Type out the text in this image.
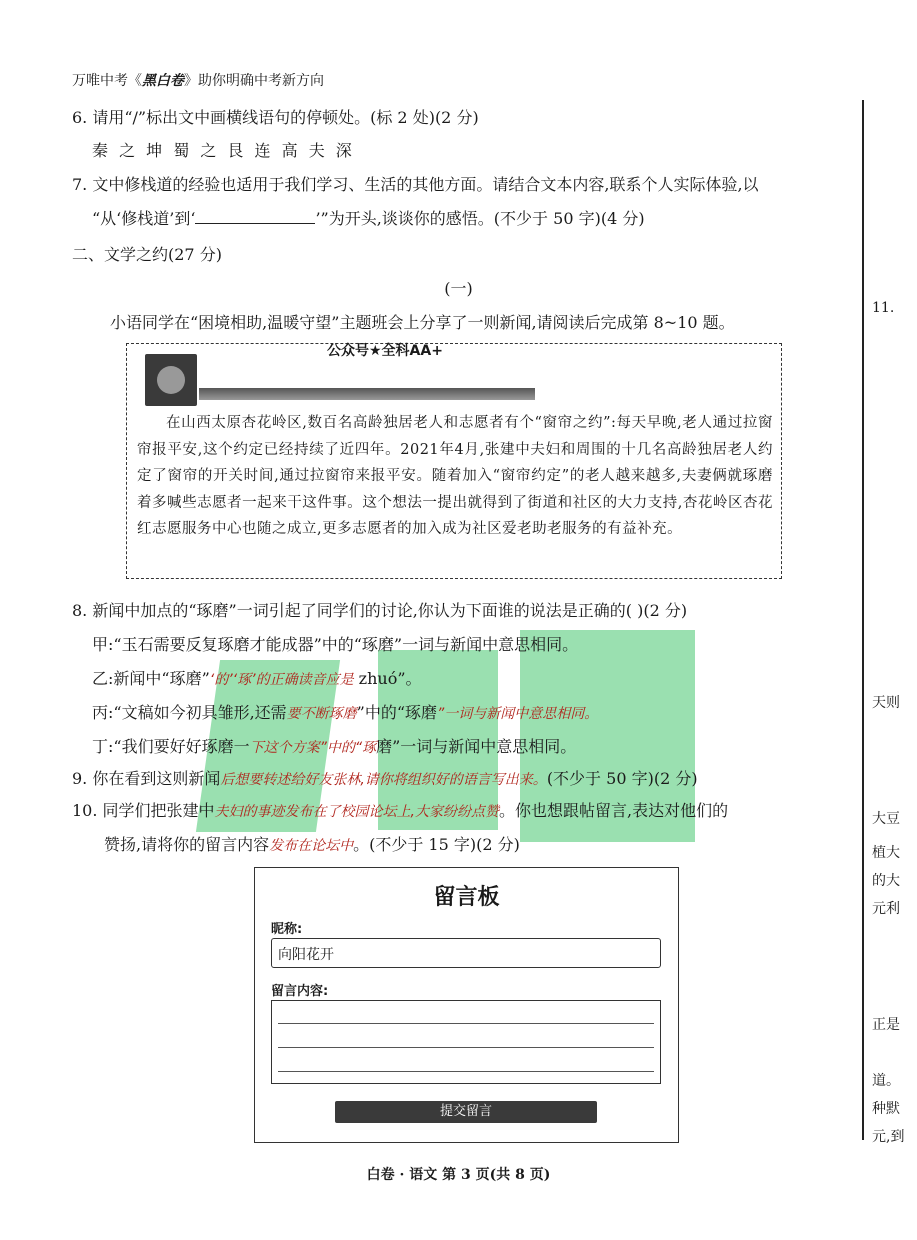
万唯中考《黑白卷》助你明确中考新方向
11.
天则
大豆
植大
的大
元利
正是
道。
种默
元,到
6. 请用“/”标出文中画横线语句的停顿处。(标 2 处)(2 分)
秦 之 坤 蜀 之 艮 连 高 夫 深
7. 文中修栈道的经验也适用于我们学习、生活的其他方面。请结合文本内容,联系个人实际体验,以
“从‘修栈道’到‘	’”为开头,谈谈你的感悟。(不少于 50 字)(4 分)
二、文学之约(27 分)
(一)
小语同学在“困境相助,温暖守望”主题班会上分享了一则新闻,请阅读后完成第 8~10 题。
公众号★全科AA+
在山西太原杏花岭区,数百名高龄独居老人和志愿者有个“窗帘之约”:每天早晚,老人通过拉窗帘报平安,这个约定已经持续了近四年。2021年4月,张建中夫妇和周围的十几名高龄独居老人约定了窗帘的开关时间,通过拉窗帘来报平安。随着加入“窗帘约定”的老人越来越多,夫妻俩就琢磨着多喊些志愿者一起来干这件事。这个想法一提出就得到了街道和社区的大力支持,杏花岭区杏花红志愿服务中心也随之成立,更多志愿者的加入成为社区爱老助老服务的有益补充。
8. 新闻中加点的“琢磨”一词引起了同学们的讨论,你认为下面谁的说法是正确的( )(2 分)
甲:“玉石需要反复琢磨才能成器”中的“琢磨”一词与新闻中意思相同。
乙:新闻中“琢磨”‘的’‘琢’的正确读音应是 zhuó”。
丙:“文稿如今初具雏形,还需要不断琢磨”中的“琢磨”一词与新闻中意思相同。
丁:“我们要好好琢磨一下这个方案”中的“琢磨”一词与新闻中意思相同。
9. 你在看到这则新闻后想要转述给好友张林,请你将组织好的语言写出来。(不少于 50 字)(2 分)
10. 同学们把张建中夫妇的事迹发布在了校园论坛上,大家纷纷点赞。你也想跟帖留言,表达对他们的
赞扬,请将你的留言内容发布在论坛中。(不少于 15 字)(2 分)
留言板
昵称:
向阳花开
留言内容:
提交留言
白卷 · 语文 第 3 页(共 8 页)
